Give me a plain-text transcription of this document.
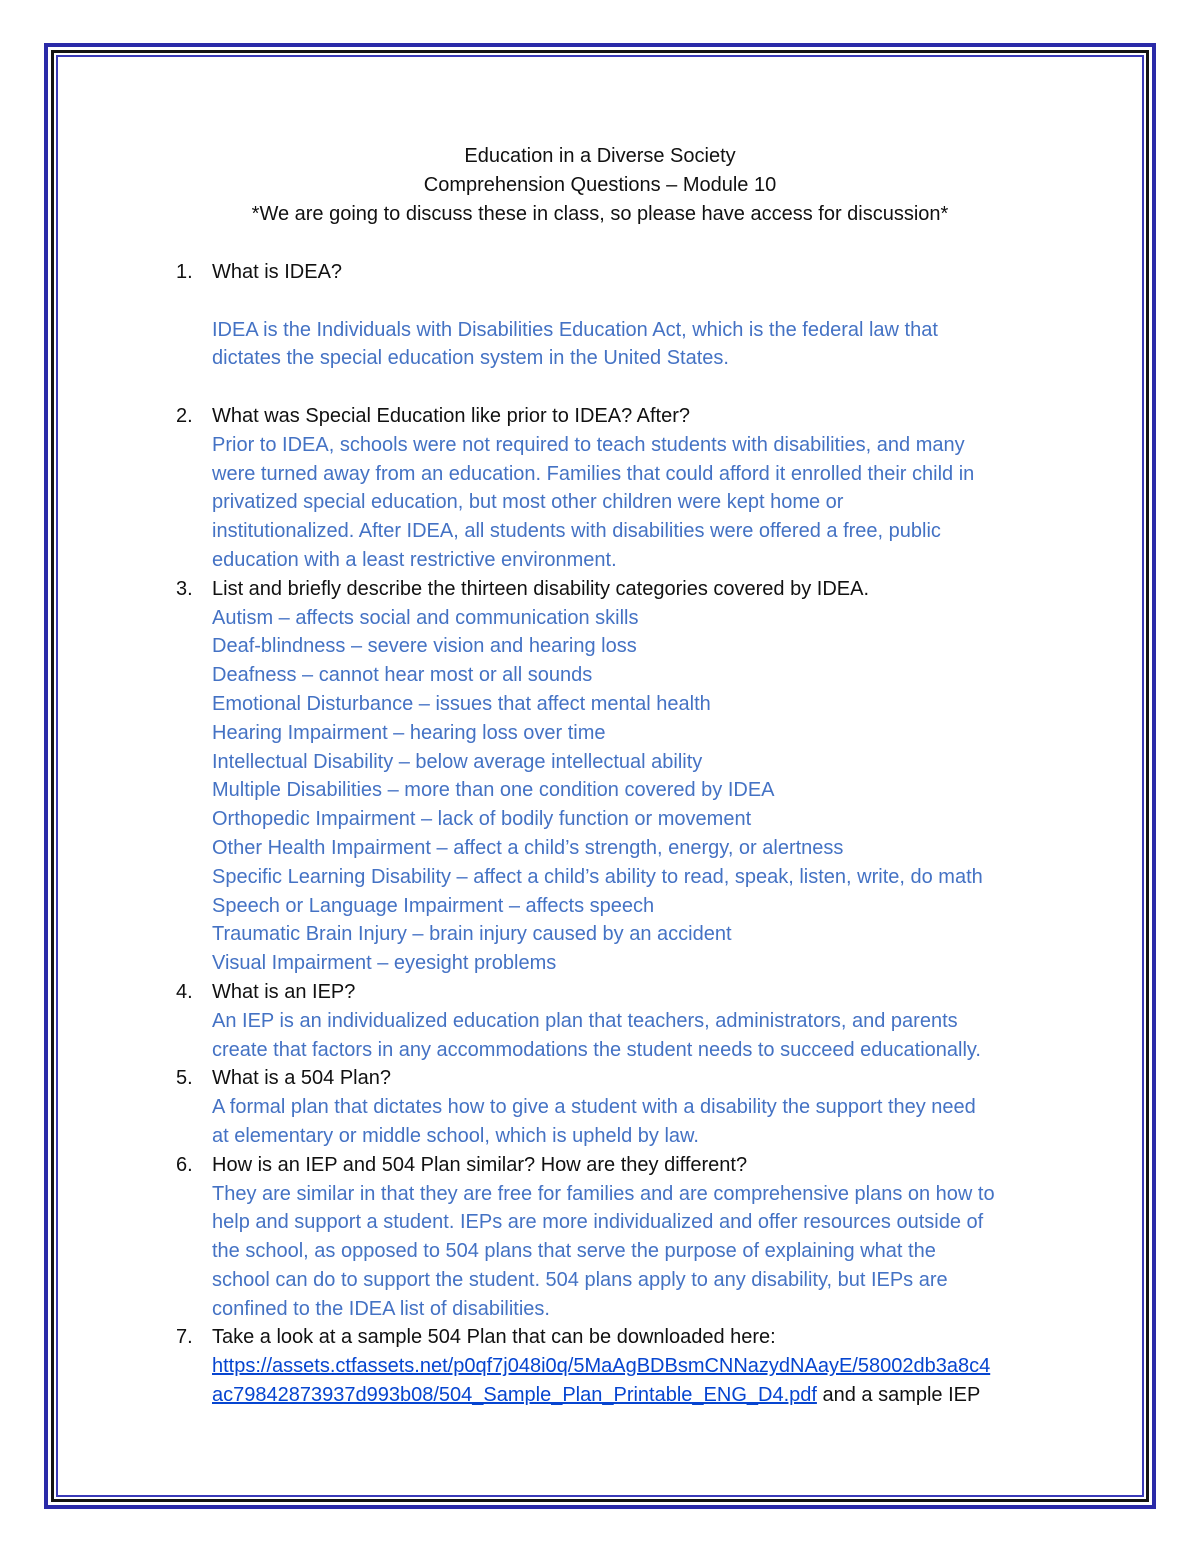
Education in a Diverse Society
Comprehension Questions – Module 10
*We are going to discuss these in class, so please have access for discussion*
1. What is IDEA?
IDEA is the Individuals with Disabilities Education Act, which is the federal law that
dictates the special education system in the United States.
2. What was Special Education like prior to IDEA? After?
Prior to IDEA, schools were not required to teach students with disabilities, and many
were turned away from an education. Families that could afford it enrolled their child in
privatized special education, but most other children were kept home or
institutionalized. After IDEA, all students with disabilities were offered a free, public
education with a least restrictive environment.
3. List and briefly describe the thirteen disability categories covered by IDEA.
Autism – affects social and communication skills
Deaf-blindness – severe vision and hearing loss
Deafness – cannot hear most or all sounds
Emotional Disturbance – issues that affect mental health
Hearing Impairment – hearing loss over time
Intellectual Disability – below average intellectual ability
Multiple Disabilities – more than one condition covered by IDEA
Orthopedic Impairment – lack of bodily function or movement
Other Health Impairment – affect a child’s strength, energy, or alertness
Specific Learning Disability – affect a child’s ability to read, speak, listen, write, do math
Speech or Language Impairment – affects speech
Traumatic Brain Injury – brain injury caused by an accident
Visual Impairment – eyesight problems
4. What is an IEP?
An IEP is an individualized education plan that teachers, administrators, and parents
create that factors in any accommodations the student needs to succeed educationally.
5. What is a 504 Plan?
A formal plan that dictates how to give a student with a disability the support they need
at elementary or middle school, which is upheld by law.
6. How is an IEP and 504 Plan similar? How are they different?
They are similar in that they are free for families and are comprehensive plans on how to
help and support a student. IEPs are more individualized and offer resources outside of
the school, as opposed to 504 plans that serve the purpose of explaining what the
school can do to support the student. 504 plans apply to any disability, but IEPs are
confined to the IDEA list of disabilities.
7. Take a look at a sample 504 Plan that can be downloaded here:
https://assets.ctfassets.net/p0qf7j048i0q/5MaAgBDBsmCNNazydNAayE/58002db3a8c4
ac79842873937d993b08/504_Sample_Plan_Printable_ENG_D4.pdf and a sample IEP
